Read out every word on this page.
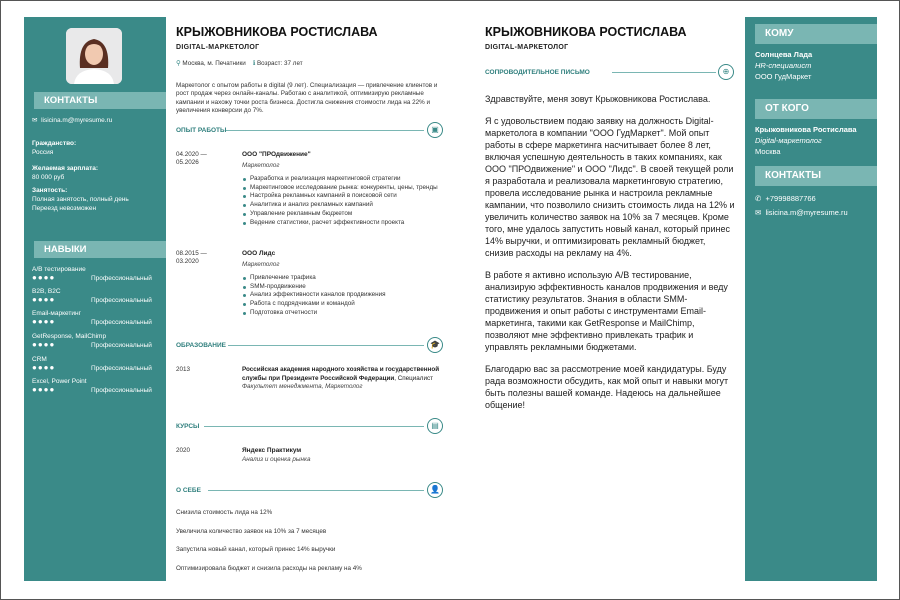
КОНТАКТЫ
✉ lisicina.m@myresume.ru
Гражданство:
Россия
Желаемая зарплата:
80 000 руб
Занятость:
Полная занятость, полный день
Переезд невозможен
НАВЫКИ
A/B тестирование
●●●●	Профессиональный
B2B, B2C
●●●●	Профессиональный
Email-маркетинг
●●●●	Профессиональный
GetResponse, MailChimp
●●●●	Профессиональный
CRM
●●●●	Профессиональный
Excel, Power Point
●●●●	Профессиональный
КРЫЖОВНИКОВА РОСТИСЛАВА
DIGITAL-МАРКЕТОЛОГ
⚲ Москва, м. Печатники ℹ Возраст: 37 лет
Маркетолог с опытом работы в digital (9 лет). Специализация — привлечение клиентов и рост продаж через онлайн-каналы. Работаю с аналитикой, оптимизирую рекламные кампании и нахожу точки роста бизнеса. Достигла снижения стоимости лида на 22% и увеличения конверсии до 7%.
ОПЫТ РАБОТЫ	▣
04.2020 —
05.2026
ООО "ПРОдвижение"
Маркетолог
Разработка и реализация маркетинговой стратегии
Маркетинговое исследование рынка: конкуренты, цены, тренды
Настройка рекламных кампаний в поисковой сети
Аналитика и анализ рекламных кампаний
Управление рекламным бюджетом
Ведение статистики, расчет эффективности проекта
08.2015 —
03.2020
ООО Лидс
Маркетолог
Привлечение трафика
SMM-продвижение
Анализ эффективности каналов продвижения
Работа с подрядчиками и командой
Подготовка отчетности
ОБРАЗОВАНИЕ	🎓
2013	Российская академия народного хозяйства и государственной службы при Президенте Российской Федерации, Специалист
Факультет менеджмента, Маркетолог
КУРСЫ	▤
2020	Яндекс Практикум
Анализ и оценка рынка
О СЕБЕ	👤
Снизила стоимость лида на 12%
Увеличила количество заявок на 10% за 7 месяцев
Запустила новый канал, который принес 14% выручки
Оптимизировала бюджет и снизила расходы на рекламу на 4%
КРЫЖОВНИКОВА РОСТИСЛАВА
DIGITAL-МАРКЕТОЛОГ
СОПРОВОДИТЕЛЬНОЕ ПИСЬМО	⊕

Здравствуйте, меня зовут Крыжовникова Ростислава.

Я с удовольствием подаю заявку на должность Digital-маркетолога в компании "ООО ГудМаркет". Мой опыт работы в сфере маркетинга насчитывает более 8 лет, включая успешную деятельность в таких компаниях, как ООО "ПРОдвижение" и ООО "Лидс". В своей текущей роли я разработала и реализовала маркетинговую стратегию, провела исследование рынка и настроила рекламные кампании, что позволило снизить стоимость лида на 12% и увеличить количество заявок на 10% за 7 месяцев. Кроме того, мне удалось запустить новый канал, который принес 14% выручки, и оптимизировать рекламный бюджет, снизив расходы на рекламу на 4%.

В работе я активно использую A/B тестирование, анализирую эффективность каналов продвижения и веду статистику результатов. Знания в области SMM-продвижения и опыт работы с инструментами Email-маркетинга, такими как GetResponse и MailChimp, позволяют мне эффективно привлекать трафик и управлять рекламными бюджетами.

Благодарю вас за рассмотрение моей кандидатуры. Буду рада возможности обсудить, как мой опыт и навыки могут быть полезны вашей команде. Надеюсь на дальнейшее общение!

КОМУ
Солнцева Лада
HR-специалист
ООО ГудМаркет
ОТ КОГО
Крыжовникова Ростислава
Digital-маркетолог
Москва
КОНТАКТЫ
✆ +79998887766
✉ lisicina.m@myresume.ru
